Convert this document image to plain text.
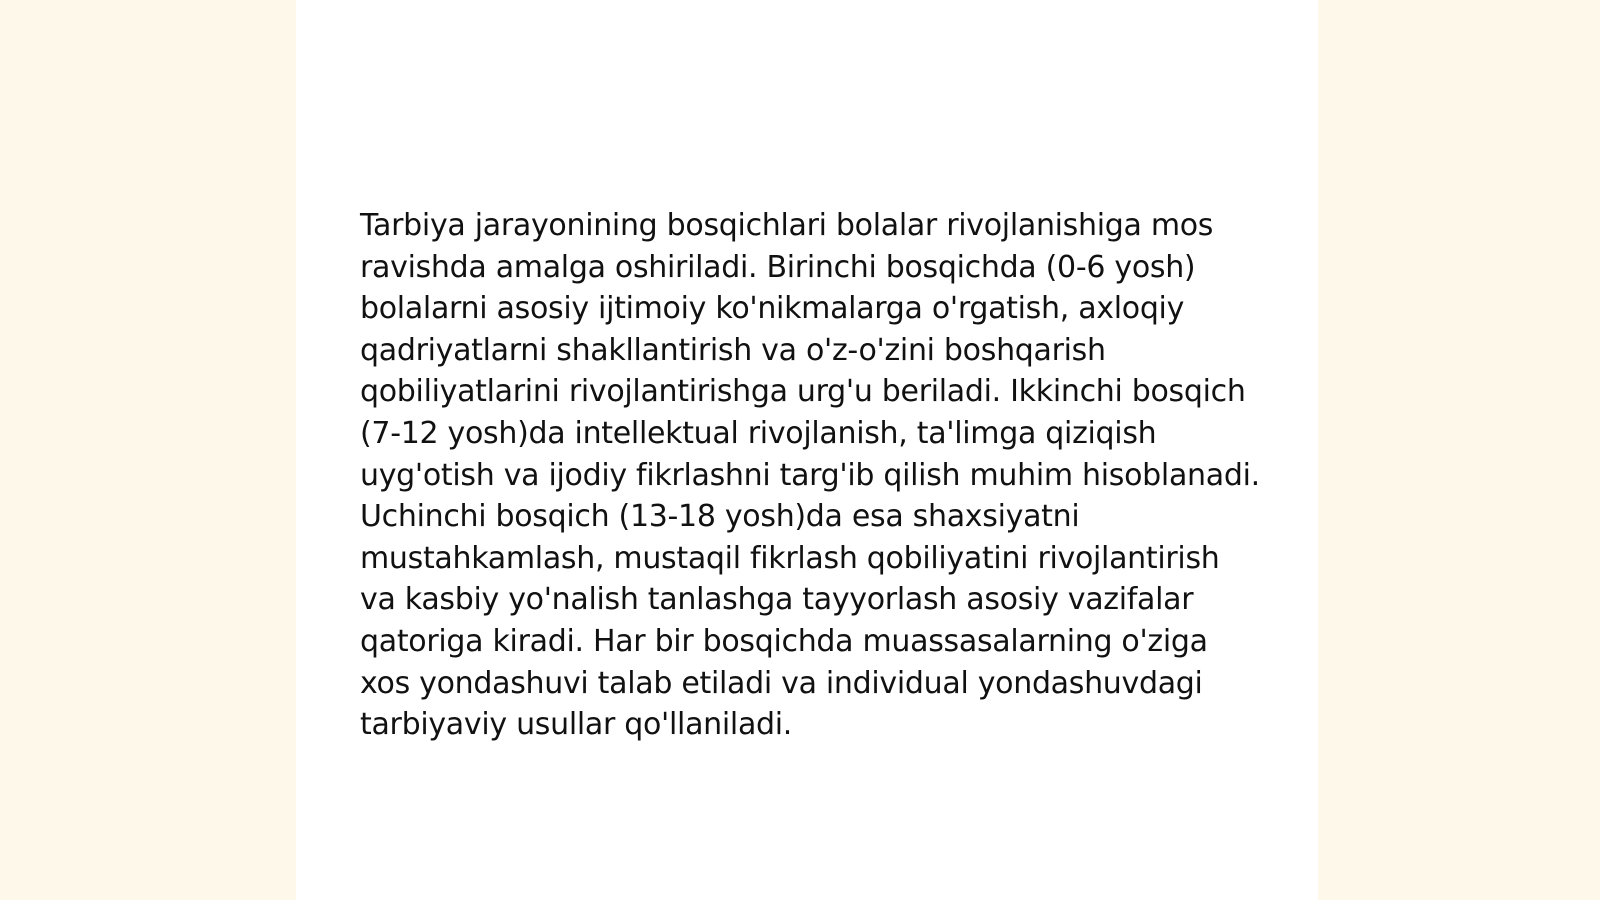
Tarbiya jarayonining bosqichlari bolalar rivojlanishiga mos ravishda amalga oshiriladi. Birinchi bosqichda (0-6 yosh) bolalarni asosiy ijtimoiy ko'nikmalarga o'rgatish, axloqiy qadriyatlarni shakllantirish va o'z-o'zini boshqarish qobiliyatlarini rivojlantirishga urg'u beriladi. Ikkinchi bosqich (7-12 yosh)da intellektual rivojlanish, ta'limga qiziqish uyg'otish va ijodiy fikrlashni targ'ib qilish muhim hisoblanadi. Uchinchi bosqich (13-18 yosh)da esa shaxsiyatni mustahkamlash, mustaqil fikrlash qobiliyatini rivojlantirish va kasbiy yo'nalish tanlashga tayyorlash asosiy vazifalar qatoriga kiradi. Har bir bosqichda muassasalarning o'ziga xos yondashuvi talab etiladi va individual yondashuvdagi tarbiyaviy usullar qo'llaniladi.
